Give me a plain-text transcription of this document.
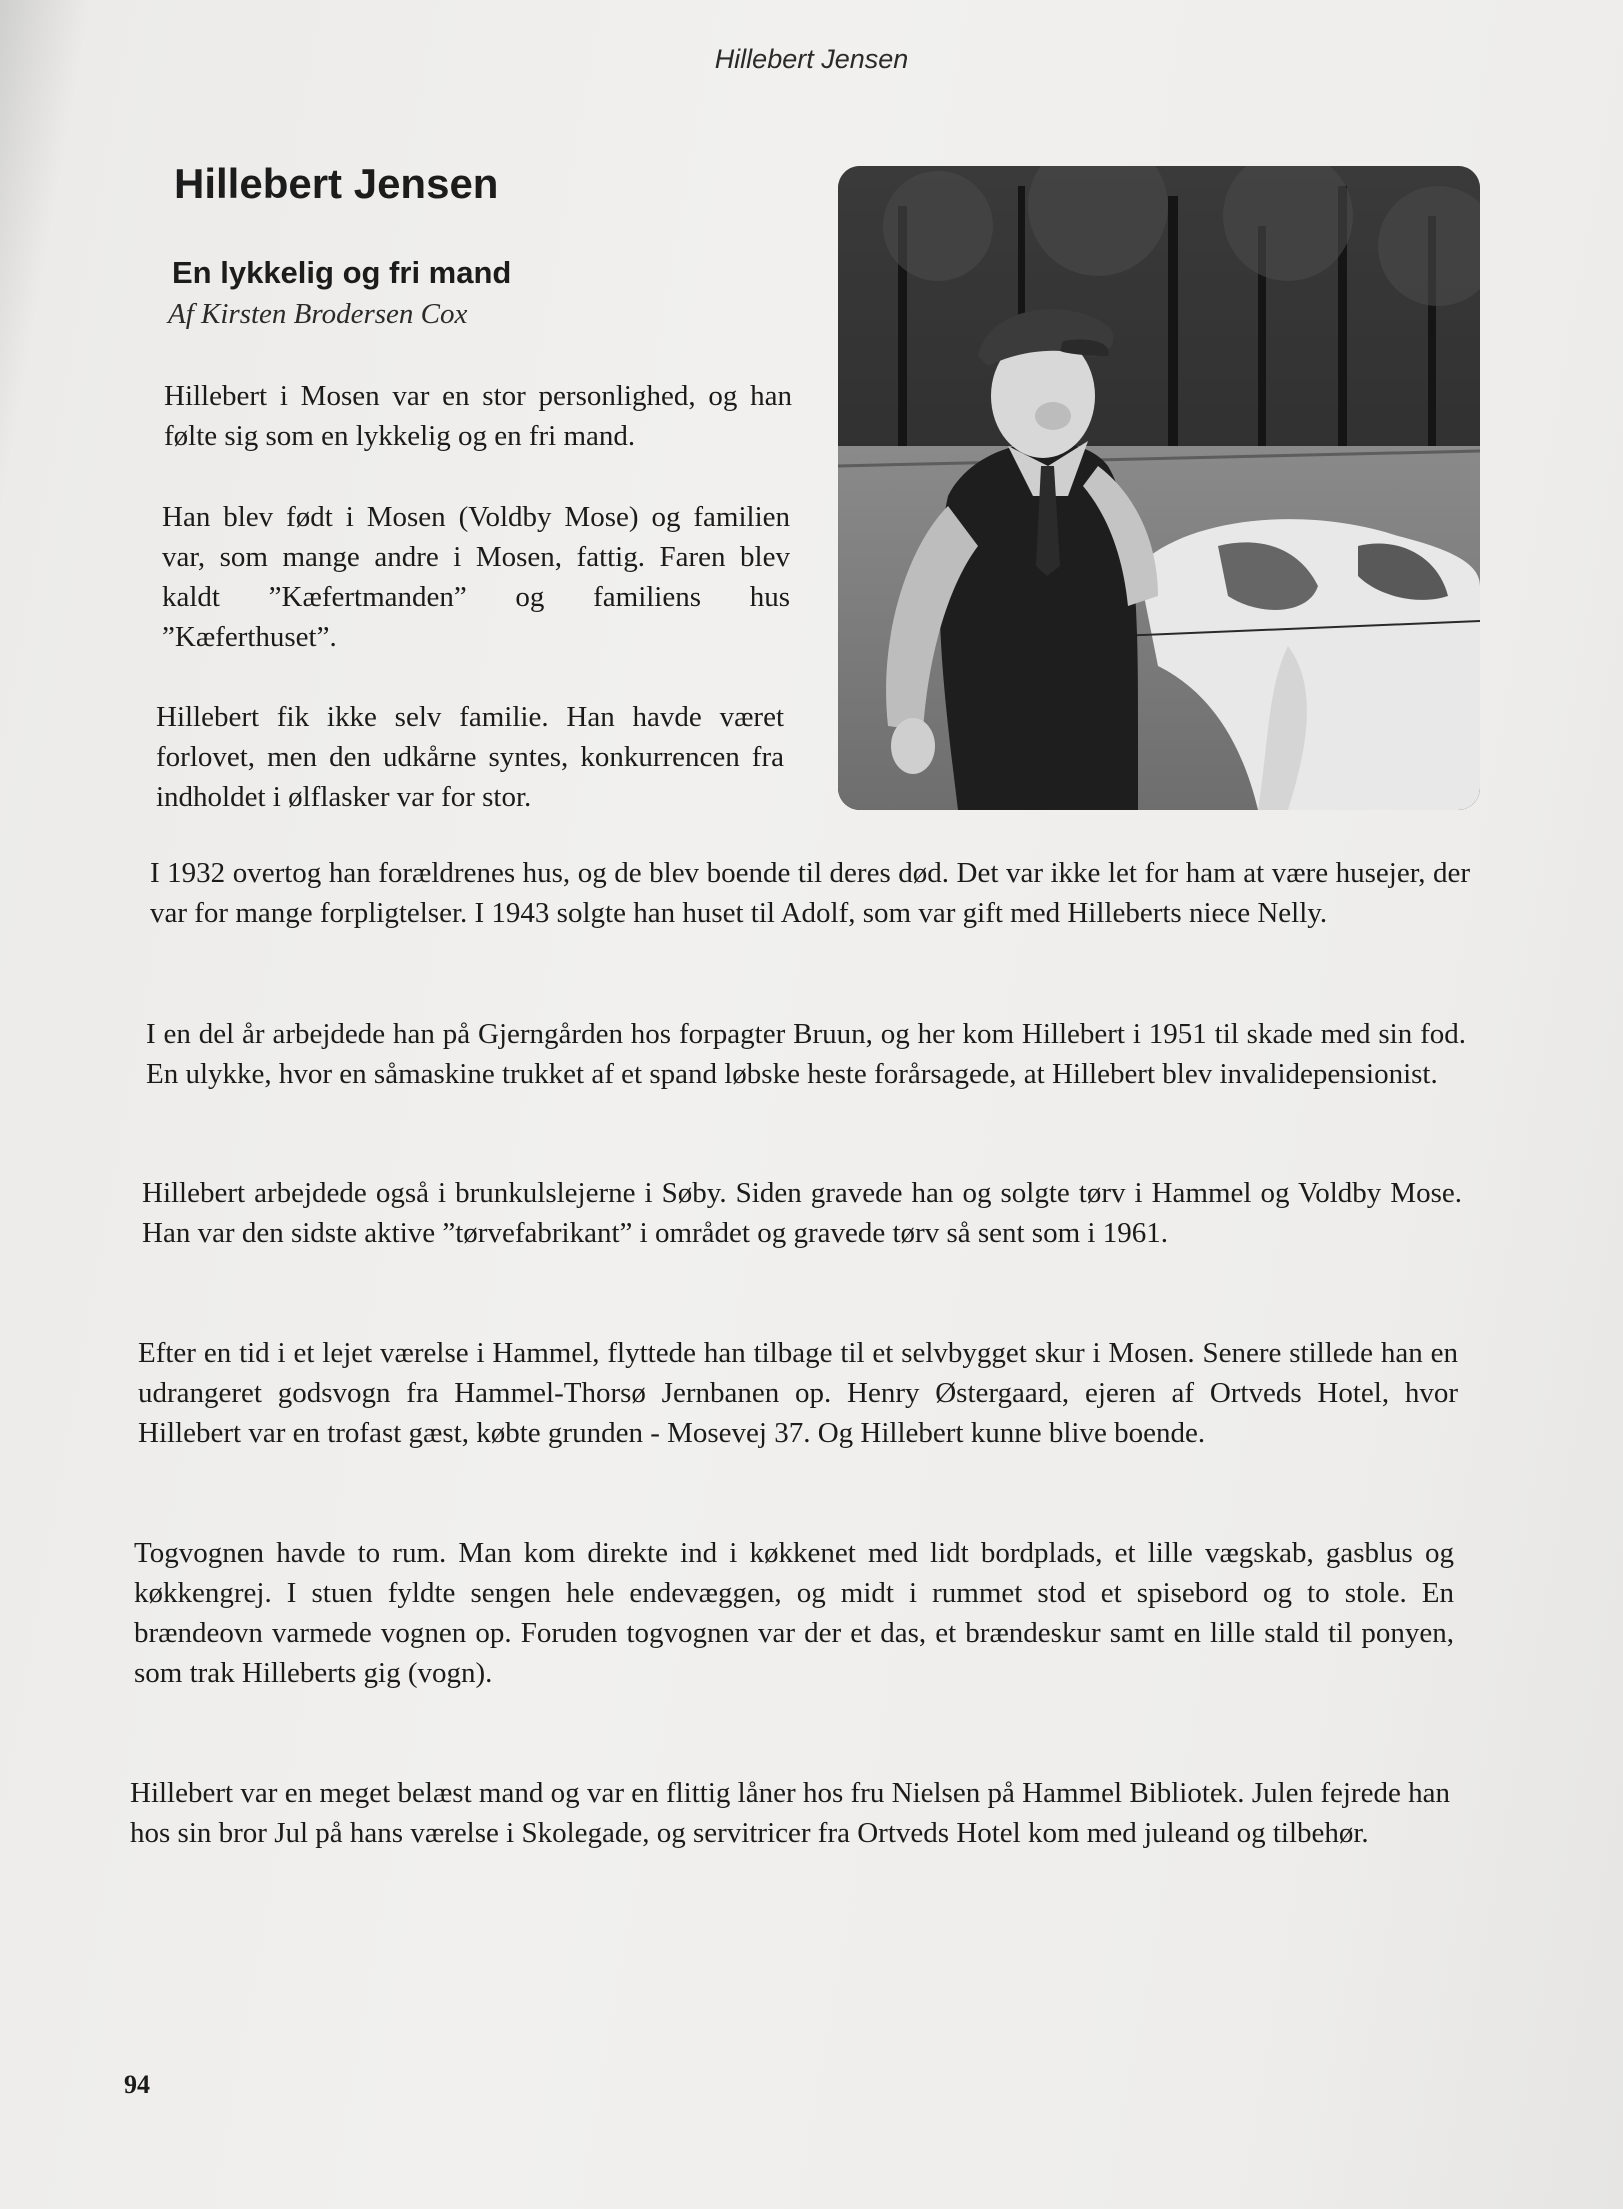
Hillebert Jensen
Hillebert Jensen
En lykkelig og fri mand
Af Kirsten Brodersen Cox

Hillebert i Mosen var en stor personlighed, og han følte sig som en lykkelig og en fri mand.

Han blev født i Mosen (Voldby Mose) og familien var, som mange andre i Mosen, fattig. Faren blev kaldt ”Kæfertmanden” og familiens hus ”Kæferthuset”.

Hillebert fik ikke selv familie. Han havde været forlovet, men den udkårne syntes, konkurrencen fra indholdet i ølflasker var for stor.

I 1932 overtog han forældrenes hus, og de blev boende til deres død. Det var ikke let for ham at være husejer, der var for mange forpligtelser. I 1943 solgte han huset til Adolf, som var gift med Hilleberts niece Nelly.

I en del år arbejdede han på Gjerngården hos forpagter Bruun, og her kom Hillebert i 1951 til skade med sin fod. En ulykke, hvor en såmaskine trukket af et spand løbske heste forårsagede, at Hillebert blev invalidepensionist.

Hillebert arbejdede også i brunkulslejerne i Søby. Siden gravede han og solgte tørv i Hammel og Voldby Mose. Han var den sidste aktive ”tørvefabrikant” i området og gravede tørv så sent som i 1961.

Efter en tid i et lejet værelse i Hammel, flyttede han tilbage til et selvbygget skur i Mosen. Senere stillede han en udrangeret godsvogn fra Hammel-Thorsø Jernbanen op. Henry Østergaard, ejeren af Ortveds Hotel, hvor Hillebert var en trofast gæst, købte grunden - Mosevej 37. Og Hillebert kunne blive boende.

Togvognen havde to rum. Man kom direkte ind i køkkenet med lidt bordplads, et lille vægskab, gasblus og køkkengrej. I stuen fyldte sengen hele endevæggen, og midt i rummet stod et spisebord og to stole. En brændeovn varmede vognen op. Foruden togvognen var der et das, et brændeskur samt en lille stald til ponyen, som trak Hilleberts gig (vogn).

Hillebert var en meget belæst mand og var en flittig låner hos fru Nielsen på Hammel Bibliotek. Julen fejrede han hos sin bror Jul på hans værelse i Skolegade, og servitricer fra Ortveds Hotel kom med juleand og tilbehør.

94
